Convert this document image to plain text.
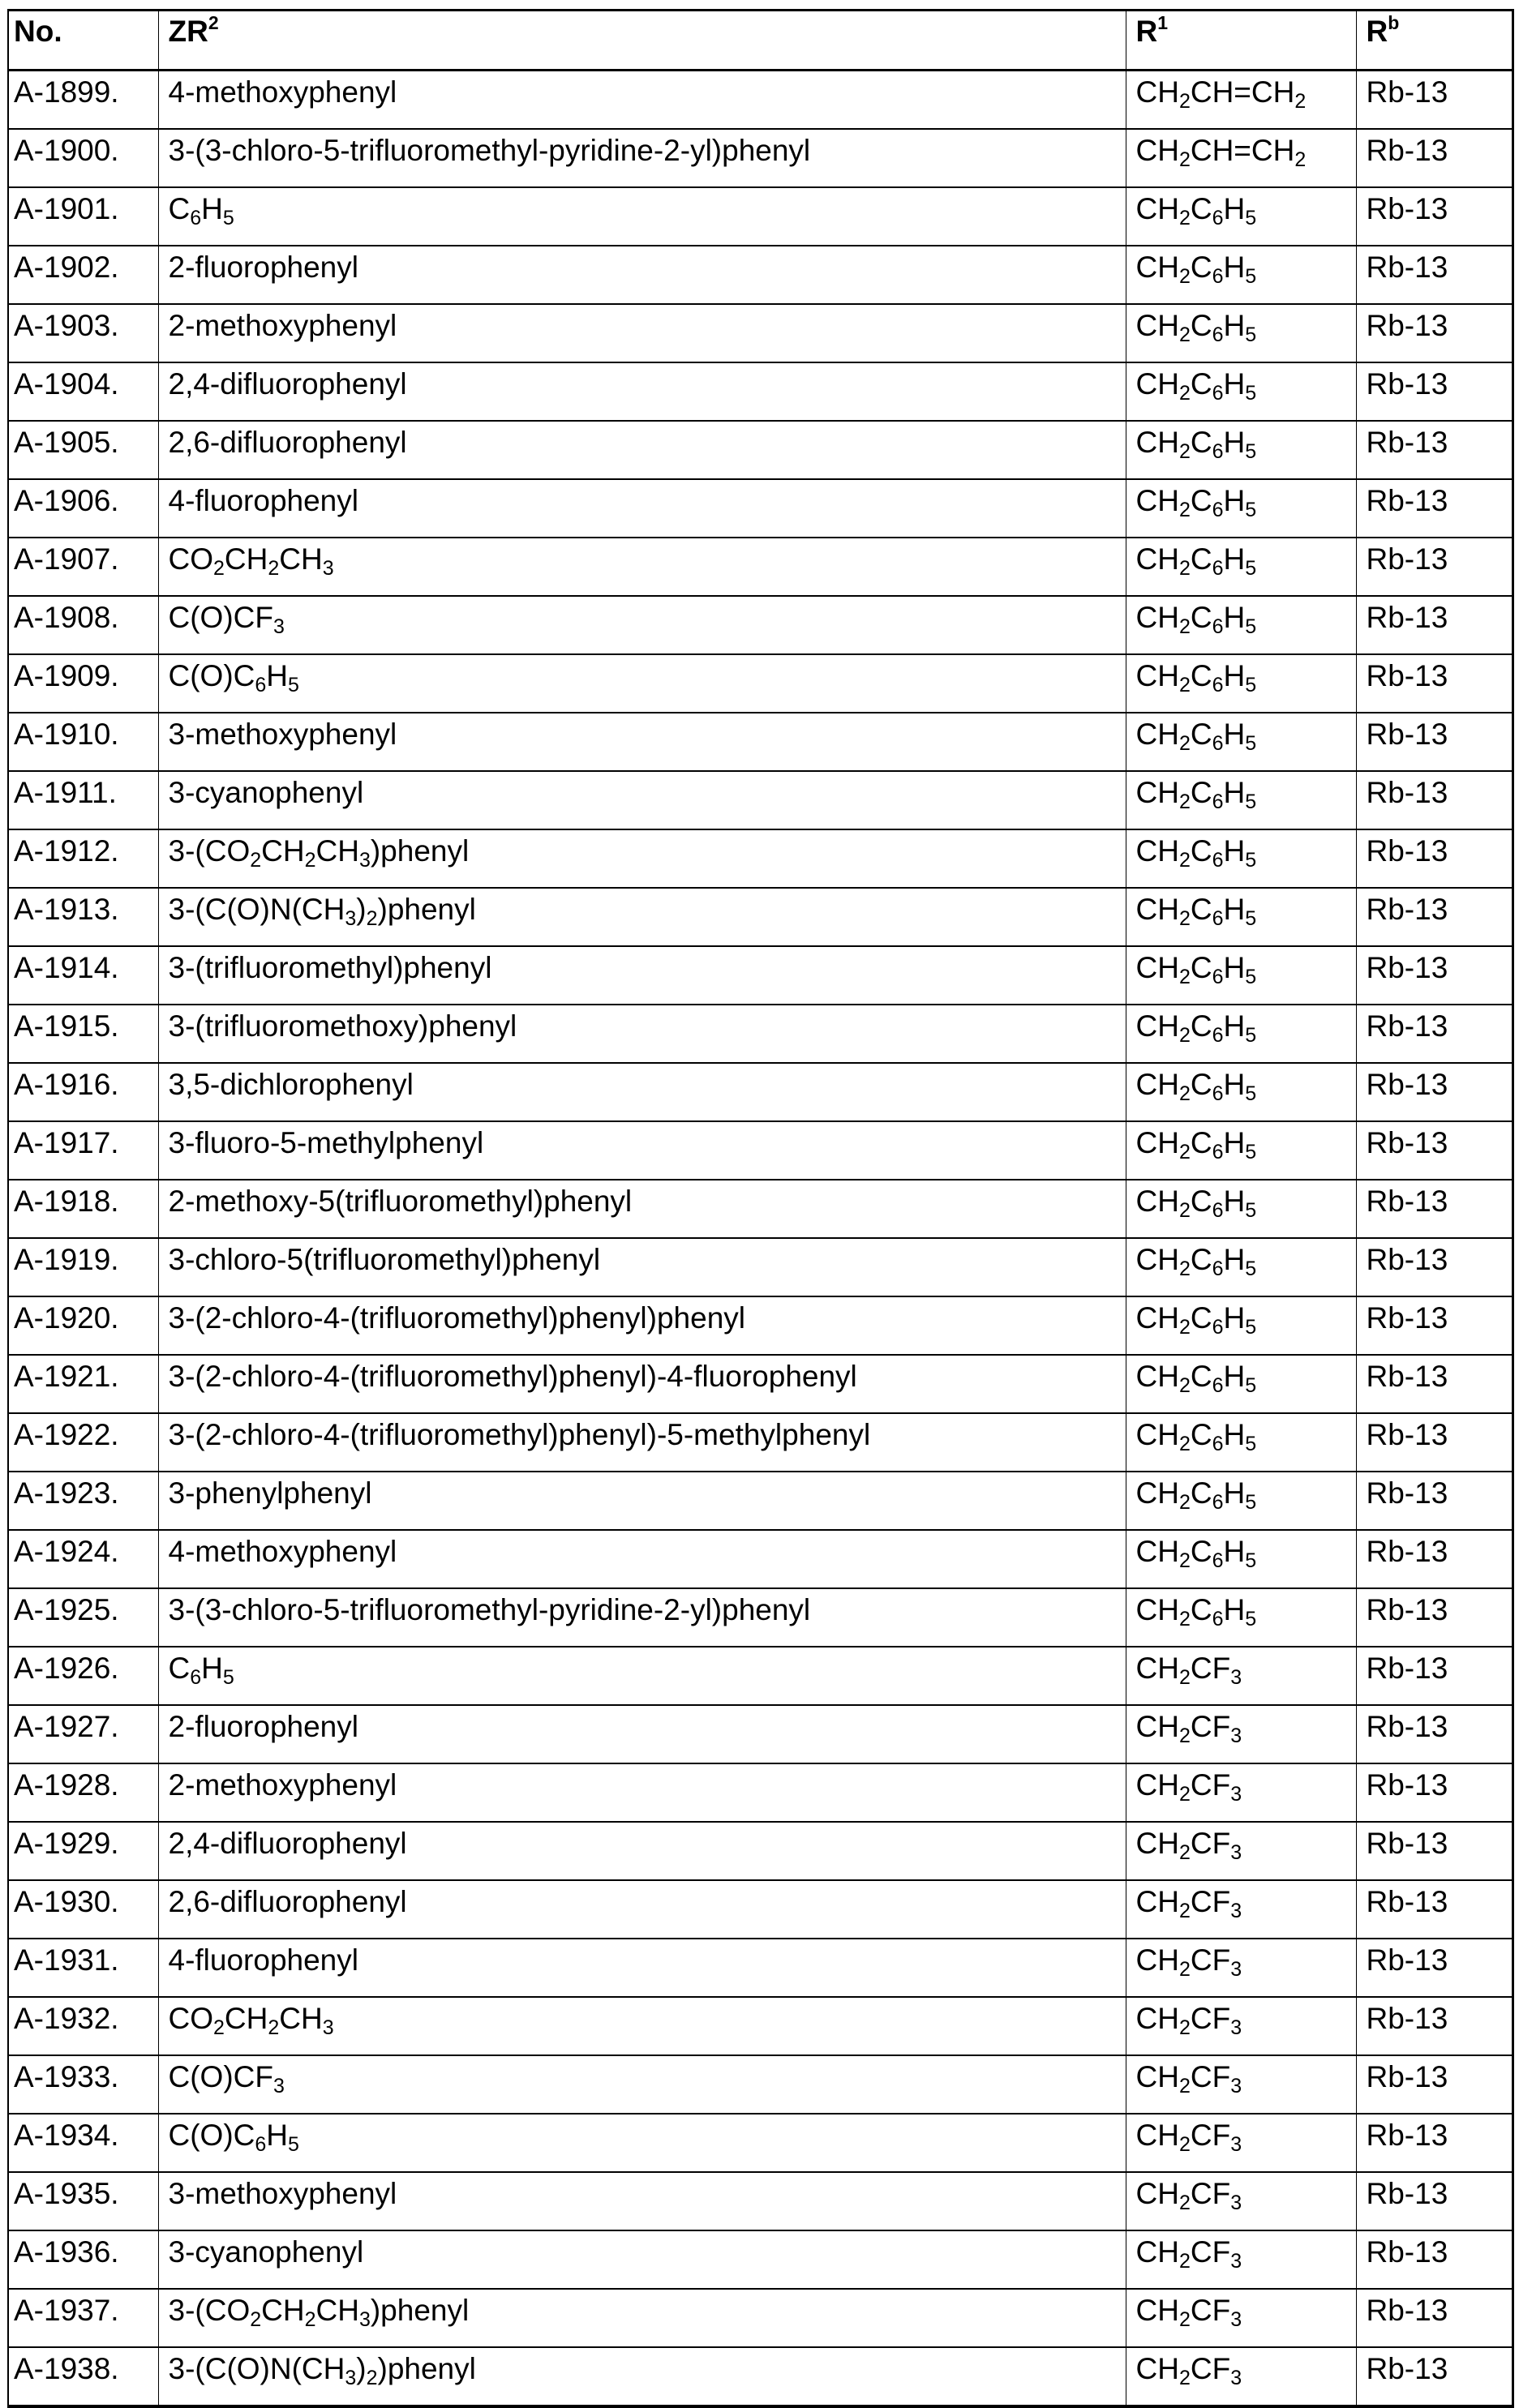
No.	$ZR^2$	$R^1$	$R^b$
A-1899.	4-methoxyphenyl	$CH_2CH=CH_2$	Rb-13
A-1900.	3-(3-chloro-5-trifluoromethyl-pyridine-2-yl)phenyl	$CH_2CH=CH_2$	Rb-13
A-1901.	$C_6H_5$	$CH_2C_6H_5$	Rb-13
A-1902.	2-fluorophenyl	$CH_2C_6H_5$	Rb-13
A-1903.	2-methoxyphenyl	$CH_2C_6H_5$	Rb-13
A-1904.	2,4-difluorophenyl	$CH_2C_6H_5$	Rb-13
A-1905.	2,6-difluorophenyl	$CH_2C_6H_5$	Rb-13
A-1906.	4-fluorophenyl	$CH_2C_6H_5$	Rb-13
A-1907.	$CO_2CH_2CH_3$	$CH_2C_6H_5$	Rb-13
A-1908.	$C(O)CF_3$	$CH_2C_6H_5$	Rb-13
A-1909.	$C(O)C_6H_5$	$CH_2C_6H_5$	Rb-13
A-1910.	3-methoxyphenyl	$CH_2C_6H_5$	Rb-13
A-1911.	3-cyanophenyl	$CH_2C_6H_5$	Rb-13
A-1912.	$3-(CO_2CH_2CH_3)phenyl$	$CH_2C_6H_5$	Rb-13
A-1913.	$3-(C(O)N(CH_3)_2)phenyl$	$CH_2C_6H_5$	Rb-13
A-1914.	3-(trifluoromethyl)phenyl	$CH_2C_6H_5$	Rb-13
A-1915.	3-(trifluoromethoxy)phenyl	$CH_2C_6H_5$	Rb-13
A-1916.	3,5-dichlorophenyl	$CH_2C_6H_5$	Rb-13
A-1917.	3-fluoro-5-methylphenyl	$CH_2C_6H_5$	Rb-13
A-1918.	2-methoxy-5(trifluoromethyl)phenyl	$CH_2C_6H_5$	Rb-13
A-1919.	3-chloro-5(trifluoromethyl)phenyl	$CH_2C_6H_5$	Rb-13
A-1920.	3-(2-chloro-4-(trifluoromethyl)phenyl)phenyl	$CH_2C_6H_5$	Rb-13
A-1921.	3-(2-chloro-4-(trifluoromethyl)phenyl)-4-fluorophenyl	$CH_2C_6H_5$	Rb-13
A-1922.	3-(2-chloro-4-(trifluoromethyl)phenyl)-5-methylphenyl	$CH_2C_6H_5$	Rb-13
A-1923.	3-phenylphenyl	$CH_2C_6H_5$	Rb-13
A-1924.	4-methoxyphenyl	$CH_2C_6H_5$	Rb-13
A-1925.	3-(3-chloro-5-trifluoromethyl-pyridine-2-yl)phenyl	$CH_2C_6H_5$	Rb-13
A-1926.	$C_6H_5$	$CH_2CF_3$	Rb-13
A-1927.	2-fluorophenyl	$CH_2CF_3$	Rb-13
A-1928.	2-methoxyphenyl	$CH_2CF_3$	Rb-13
A-1929.	2,4-difluorophenyl	$CH_2CF_3$	Rb-13
A-1930.	2,6-difluorophenyl	$CH_2CF_3$	Rb-13
A-1931.	4-fluorophenyl	$CH_2CF_3$	Rb-13
A-1932.	$CO_2CH_2CH_3$	$CH_2CF_3$	Rb-13
A-1933.	$C(O)CF_3$	$CH_2CF_3$	Rb-13
A-1934.	$C(O)C_6H_5$	$CH_2CF_3$	Rb-13
A-1935.	3-methoxyphenyl	$CH_2CF_3$	Rb-13
A-1936.	3-cyanophenyl	$CH_2CF_3$	Rb-13
A-1937.	$3-(CO_2CH_2CH_3)phenyl$	$CH_2CF_3$	Rb-13
A-1938.	$3-(C(O)N(CH_3)_2)phenyl$	$CH_2CF_3$	Rb-13
